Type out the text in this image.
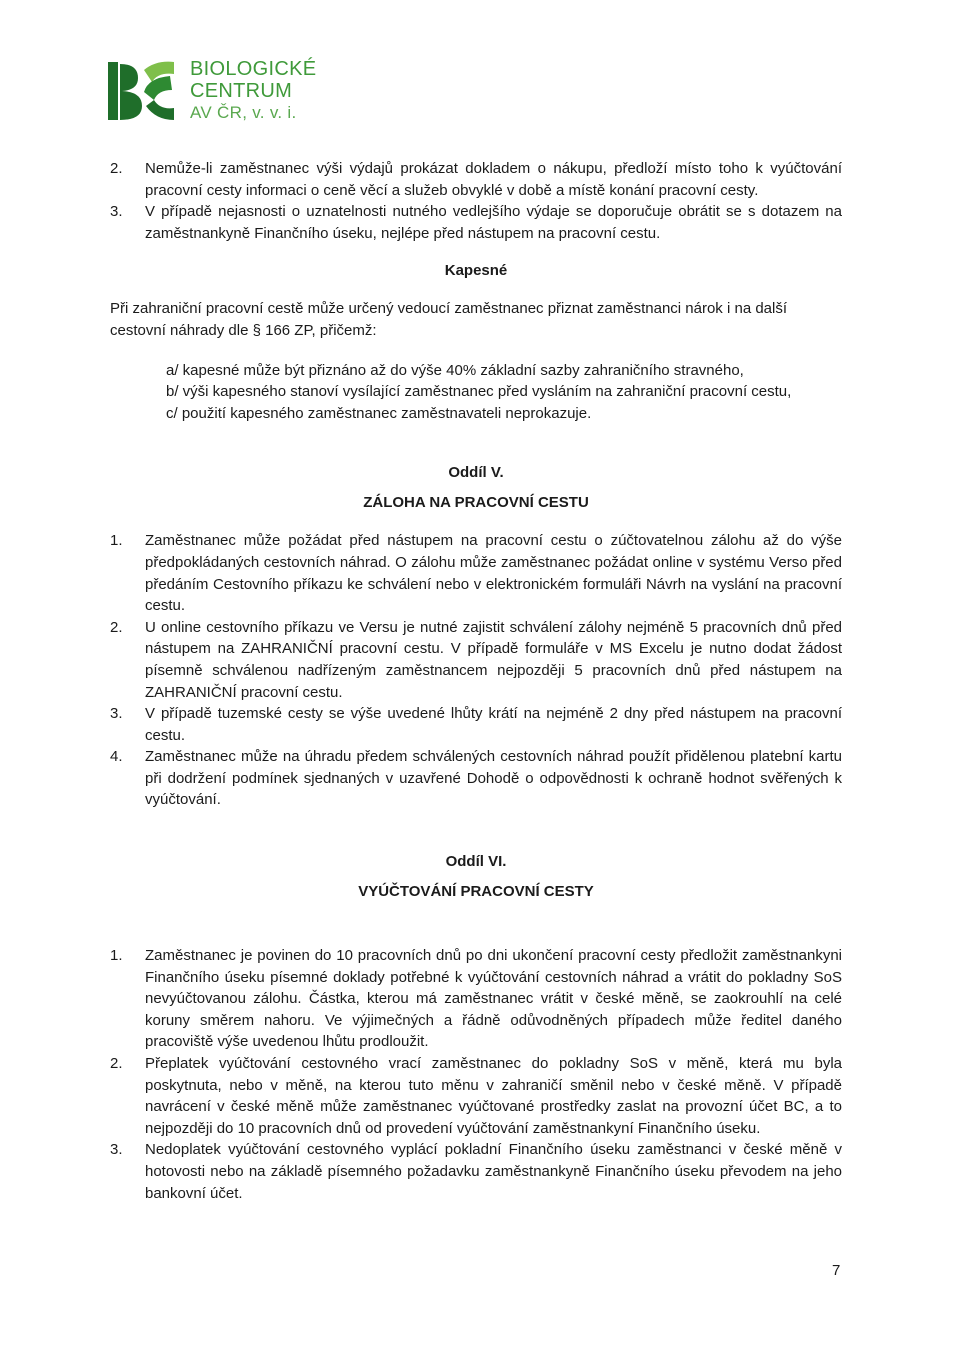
BIOLOGICKÉ
CENTRUM
AV ČR, v. v. i.
2. Nemůže-li zaměstnanec výši výdajů prokázat dokladem o nákupu, předloží místo toho k vyúčtování pracovní cesty informaci o ceně věcí a služeb obvyklé v době a místě konání pracovní cesty.
3. V případě nejasnosti o uznatelnosti nutného vedlejšího výdaje se doporučuje obrátit se s dotazem na zaměstnankyně Finančního úseku, nejlépe před nástupem na pracovní cestu.
Kapesné
Při zahraniční pracovní cestě může určený vedoucí zaměstnanec přiznat zaměstnanci nárok i na další cestovní náhrady dle § 166 ZP, přičemž:
a/ kapesné může být přiznáno až do výše 40% základní sazby zahraničního stravného,
b/ výši kapesného stanoví vysílající zaměstnanec před vysláním na zahraniční pracovní cestu,
c/ použití kapesného zaměstnanec zaměstnavateli neprokazuje.
Oddíl V.
ZÁLOHA NA PRACOVNÍ CESTU
1. Zaměstnanec může požádat před nástupem na pracovní cestu o zúčtovatelnou zálohu až do výše předpokládaných cestovních náhrad. O zálohu může zaměstnanec požádat online v systému Verso před předáním Cestovního příkazu ke schválení nebo v elektronickém formuláři Návrh na vyslání na pracovní cestu.
2. U online cestovního příkazu ve Versu je nutné zajistit schválení zálohy nejméně 5 pracovních dnů před nástupem na ZAHRANIČNÍ pracovní cestu. V případě formuláře v MS Excelu je nutno dodat žádost písemně schválenou nadřízeným zaměstnancem nejpozději 5 pracovních dnů před nástupem na ZAHRANIČNÍ pracovní cestu.
3. V případě tuzemské cesty se výše uvedené lhůty krátí na nejméně 2 dny před nástupem na pracovní cestu.
4. Zaměstnanec může na úhradu předem schválených cestovních náhrad použít přidělenou platební kartu při dodržení podmínek sjednaných v uzavřené Dohodě o odpovědnosti k ochraně hodnot svěřených k vyúčtování.
Oddíl VI.
VYÚČTOVÁNÍ PRACOVNÍ CESTY
1. Zaměstnanec je povinen do 10 pracovních dnů po dni ukončení pracovní cesty předložit zaměstnankyni Finančního úseku písemné doklady potřebné k vyúčtování cestovních náhrad a vrátit do pokladny SoS nevyúčtovanou zálohu. Částka, kterou má zaměstnanec vrátit v české měně, se zaokrouhlí na celé koruny směrem nahoru. Ve výjimečných a řádně odůvodněných případech může ředitel daného pracoviště výše uvedenou lhůtu prodloužit.
2. Přeplatek vyúčtování cestovného vrací zaměstnanec do pokladny SoS v měně, která mu byla poskytnuta, nebo v měně, na kterou tuto měnu v zahraničí směnil nebo v české měně. V případě navrácení v české měně může zaměstnanec vyúčtované prostředky zaslat na provozní účet BC, a to nejpozději do 10 pracovních dnů od provedení vyúčtování zaměstnankyní Finančního úseku.
3. Nedoplatek vyúčtování cestovného vyplácí pokladní Finančního úseku zaměstnanci v české měně v hotovosti nebo na základě písemného požadavku zaměstnankyně Finančního úseku převodem na jeho bankovní účet.
7
